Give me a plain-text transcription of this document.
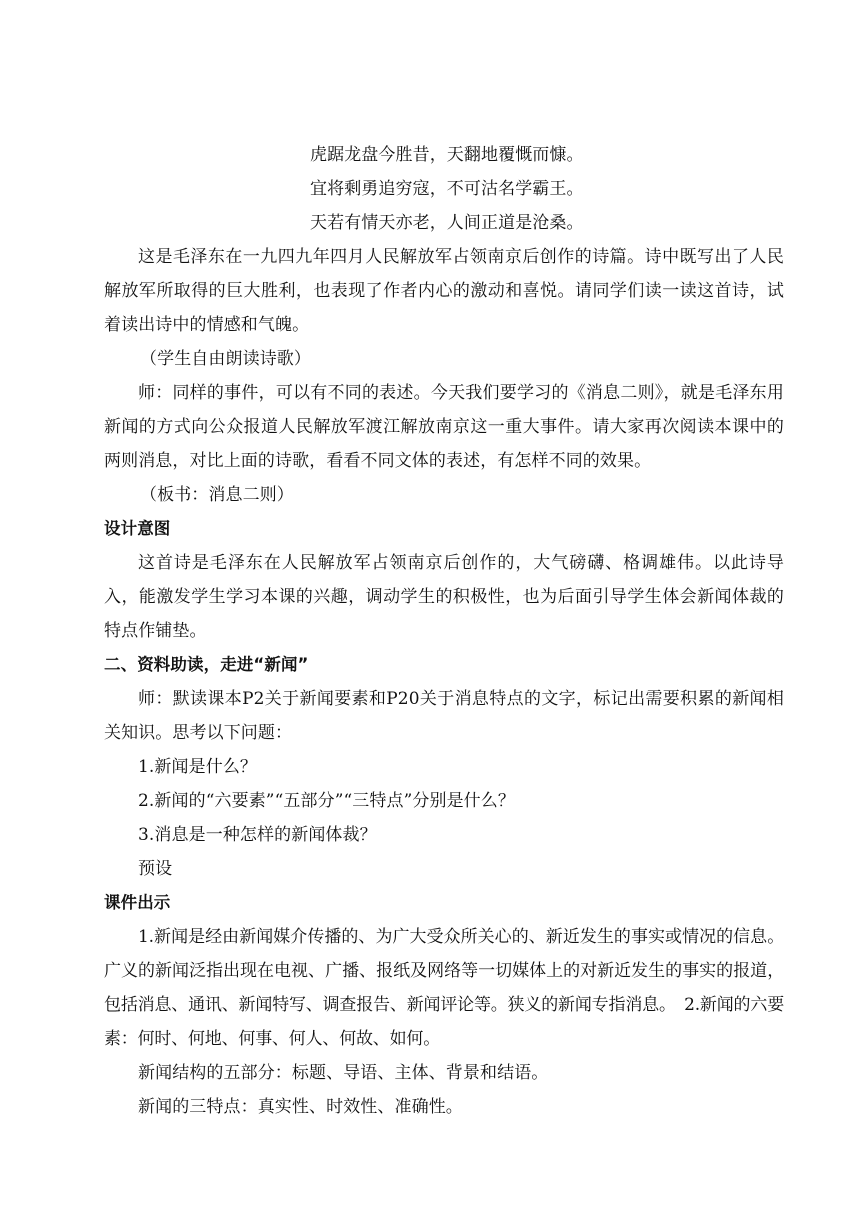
虎踞龙盘今胜昔，天翻地覆慨而慷。
宜将剩勇追穷寇，不可沽名学霸王。
天若有情天亦老，人间正道是沧桑。

这是毛泽东在一九四九年四月人民解放军占领南京后创作的诗篇。诗中既写出了人民解放军所取得的巨大胜利，也表现了作者内心的激动和喜悦。请同学们读一读这首诗，试着读出诗中的情感和气魄。

（学生自由朗读诗歌）

师：同样的事件，可以有不同的表述。今天我们要学习的《消息二则》，就是毛泽东用新闻的方式向公众报道人民解放军渡江解放南京这一重大事件。请大家再次阅读本课中的两则消息，对比上面的诗歌，看看不同文体的表述，有怎样不同的效果。

（板书：消息二则）
设计意图

这首诗是毛泽东在人民解放军占领南京后创作的，大气磅礴、格调雄伟。以此诗导入，能激发学生学习本课的兴趣，调动学生的积极性，也为后面引导学生体会新闻体裁的特点作铺垫。

二、资料助读，走进“新闻”

师：默读课本P2关于新闻要素和P20关于消息特点的文字，标记出需要积累的新闻相关知识。思考以下问题：

1.新闻是什么？
2.新闻的“六要素”“五部分”“三特点”分别是什么？
3.消息是一种怎样的新闻体裁？
预设
课件出示

1.新闻是经由新闻媒介传播的、为广大受众所关心的、新近发生的事实或情况的信息。广义的新闻泛指出现在电视、广播、报纸及网络等一切媒体上的对新近发生的事实的报道，包括消息、通讯、新闻特写、调查报告、新闻评论等。狭义的新闻专指消息。　2.新闻的六要素：何时、何地、何事、何人、何故、如何。

新闻结构的五部分：标题、导语、主体、背景和结语。
新闻的三特点：真实性、时效性、准确性。
